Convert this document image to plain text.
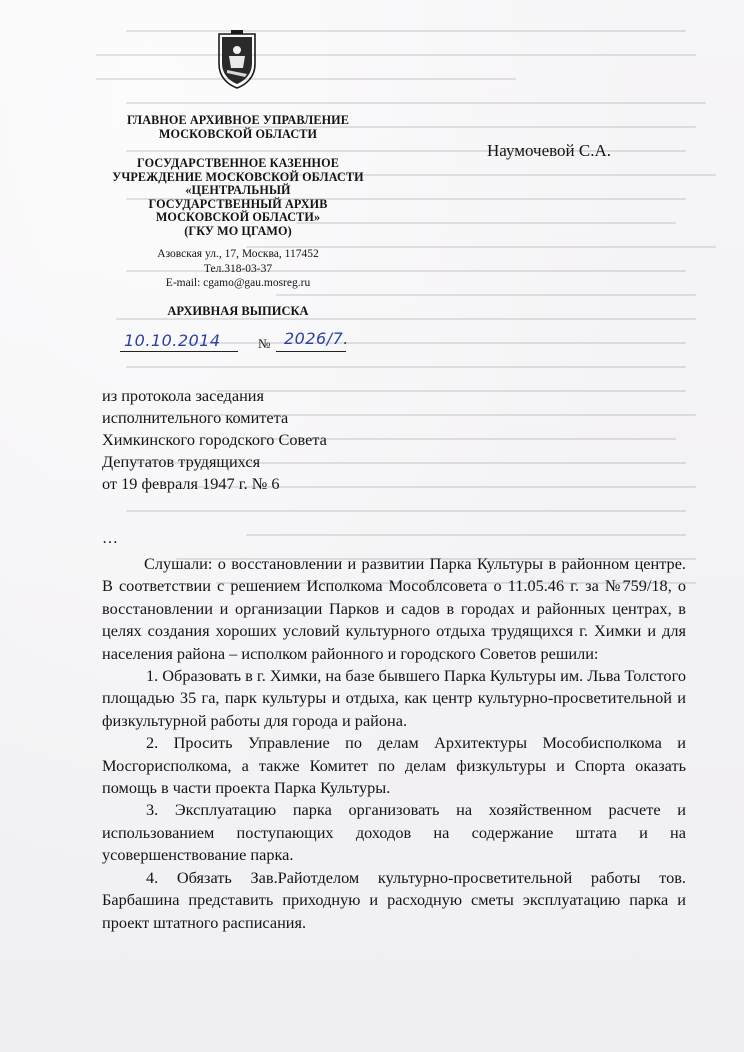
ГЛАВНОЕ АРХИВНОЕ УПРАВЛЕНИЕ
МОСКОВСКОЙ ОБЛАСТИ
ГОСУДАРСТВЕННОЕ КАЗЕННОЕ
УЧРЕЖДЕНИЕ МОСКОВСКОЙ ОБЛАСТИ
«ЦЕНТРАЛЬНЫЙ
ГОСУДАРСТВЕННЫЙ АРХИВ
МОСКОВСКОЙ ОБЛАСТИ»
(ГКУ МО ЦГАМО)
Азовская ул., 17, Москва, 117452
Тел.318-03-37
E-mail: cgamo@gau.mosreg.ru
АРХИВНАЯ ВЫПИСКА
10.10.2014	№ 2026/7.
Наумочевой С.А.
из протокола заседания
исполнительного комитета
Химкинского городского Совета
Депутатов трудящихся
от 19 февраля 1947 г. № 6
…

Слушали: о восстановлении и развитии Парка Культуры в районном центре. В соответствии с решением Исполкома Мособлсовета о 11.05.46 г. за №759/18, о восстановлении и организации Парков и садов в городах и районных центрах, в целях создания хороших условий культурного отдыха трудящихся г. Химки и для населения района – исполком районного и городского Советов решили:

1. Образовать в г. Химки, на базе бывшего Парка Культуры им. Льва Толстого площадью 35 га, парк культуры и отдыха, как центр культурно-просветительной и физкультурной работы для города и района.

2. Просить Управление по делам Архитектуры Мособисполкома и Мосгорисполкома, а также Комитет по делам физкультуры и Спорта оказать помощь в части проекта Парка Культуры.

3. Эксплуатацию парка организовать на хозяйственном расчете и использованием поступающих доходов на содержание штата и на усовершенствование парка.

4. Обязать Зав.Райотделом культурно-просветительной работы тов. Барбашина представить приходную и расходную сметы эксплуатацию парка и проект штатного расписания.
